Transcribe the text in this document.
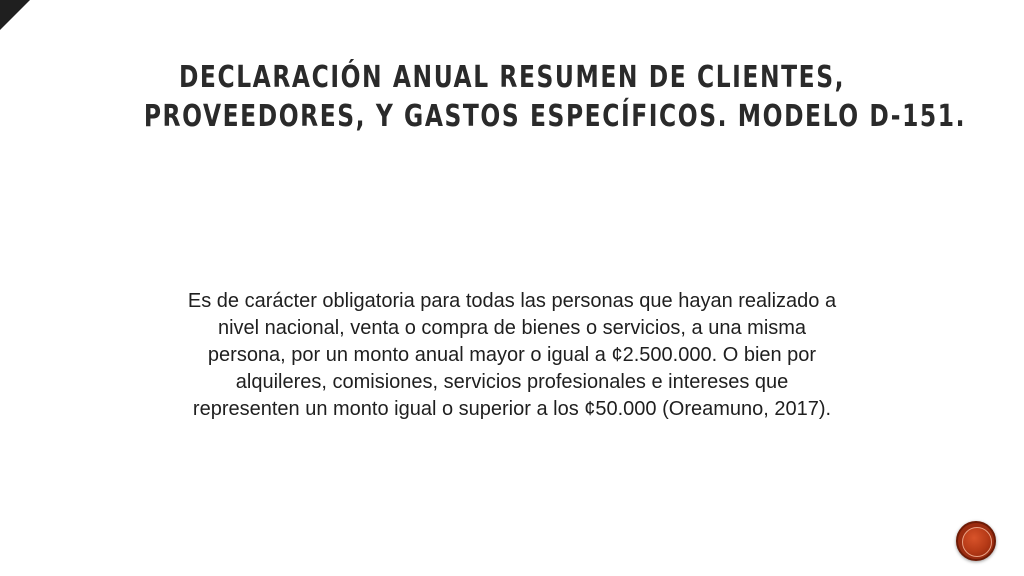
DECLARACIÓN ANUAL RESUMEN DE CLIENTES,
PROVEEDORES, Y GASTOS ESPECÍFICOS. MODELO D-151.

Es de carácter obligatoria para todas las personas que hayan realizado a
nivel nacional, venta o compra de bienes o servicios, a una misma
persona, por un monto anual mayor o igual a ¢2.500.000. O bien por
alquileres, comisiones, servicios profesionales e intereses que
representen un monto igual o superior a los ¢50.000 (Oreamuno, 2017).
